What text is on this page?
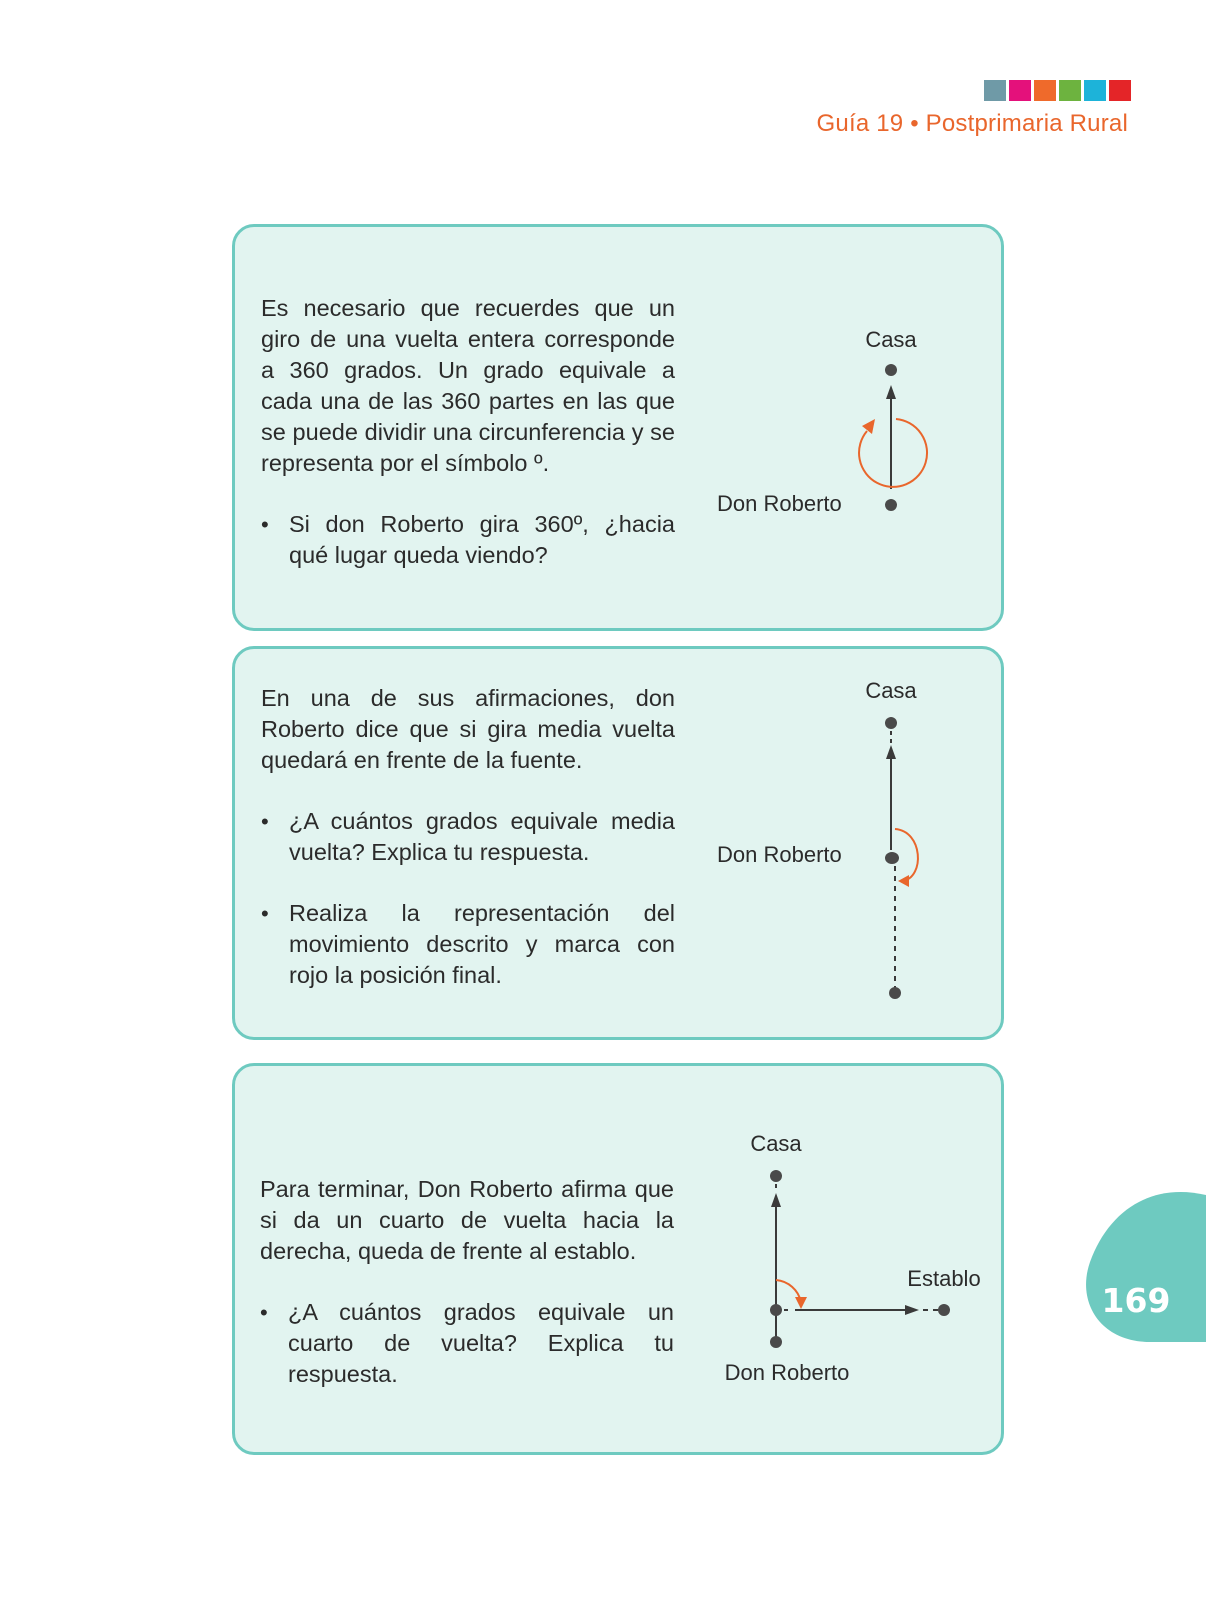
Guía 19 • Postprimaria Rural

Es necesario que recuerdes que un giro de una vuelta entera corresponde a 360 grados. Un grado equivale a cada una de las 360 partes en las que se puede dividir una circunferencia y se representa por el símbolo º.

• Si don Roberto gira 360º, ¿hacia qué lugar queda viendo?
Casa
Don Roberto

En una de sus afirmaciones, don Roberto dice que si gira media vuelta quedará en frente de la fuente.

• ¿A cuántos grados equivale media vuelta? Explica tu respuesta.
• Realiza la representación del movimiento descrito y marca con rojo la posición final.
Casa
Don Roberto

Para terminar, Don Roberto afirma que si da un cuarto de vuelta hacia la derecha, queda de frente al establo.

• ¿A cuántos grados equivale un cuarto de vuelta? Explica tu respuesta.
Casa
Establo
Don Roberto
169
